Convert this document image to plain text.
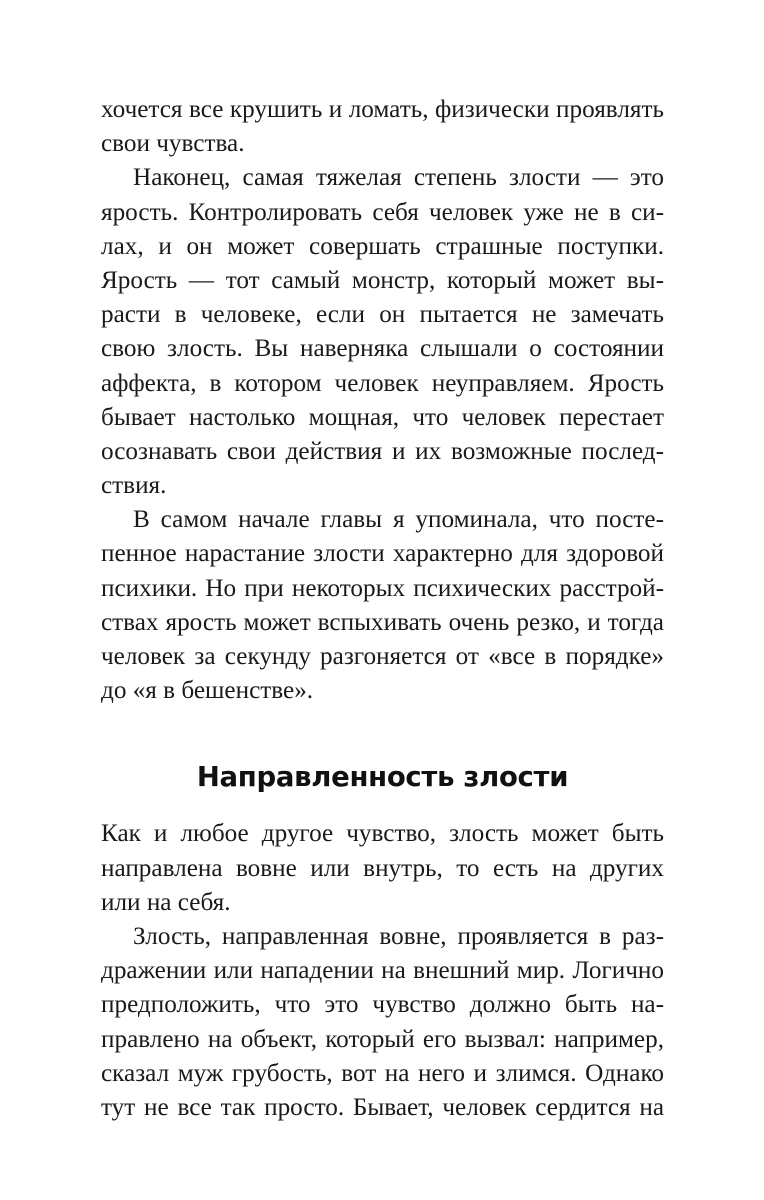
хочется все крушить и ломать, физически проявлять
свои чувства.
Наконец, самая тяжелая степень злости — это
ярость. Контролировать себя человек уже не в си-
лах, и он может совершать страшные поступки.
Ярость — тот самый монстр, который может вы-
расти в человеке, если он пытается не замечать
свою злость. Вы наверняка слышали о состоянии
аффекта, в котором человек неуправляем. Ярость
бывает настолько мощная, что человек перестает
осознавать свои действия и их возможные послед-
ствия.
В самом начале главы я упоминала, что посте-
пенное нарастание злости характерно для здоровой
психики. Но при некоторых психических расстрой-
ствах ярость может вспыхивать очень резко, и тогда
человек за секунду разгоняется от «все в порядке»
до «я в бешенстве».
Направленность злости
Как и любое другое чувство, злость может быть
направлена вовне или внутрь, то есть на других
или на себя.
Злость, направленная вовне, проявляется в раз-
дражении или нападении на внешний мир. Логично
предположить, что это чувство должно быть на-
правлено на объект, который его вызвал: например,
сказал муж грубость, вот на него и злимся. Однако
тут не все так просто. Бывает, человек сердится на
